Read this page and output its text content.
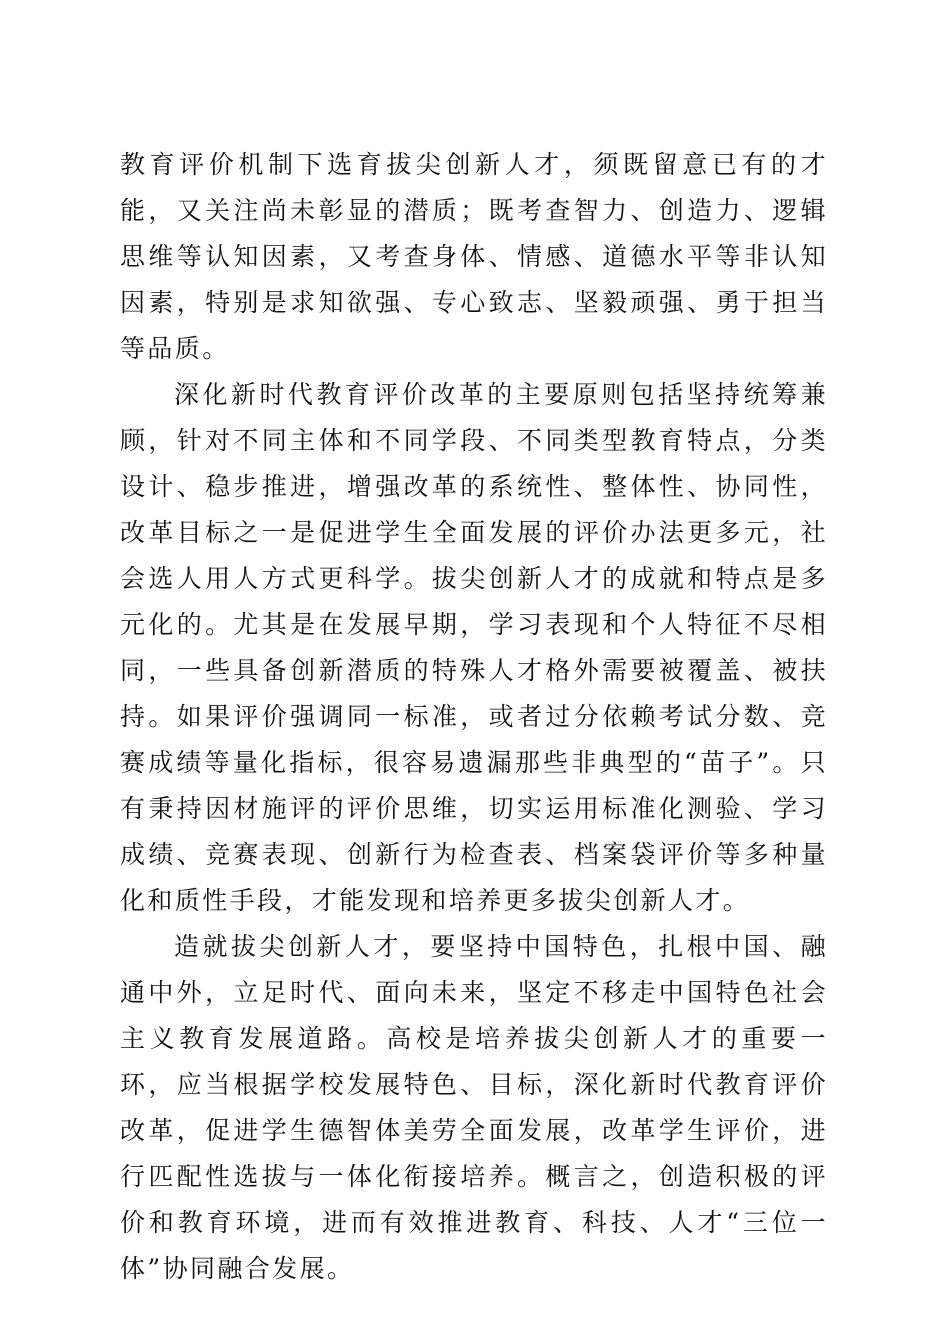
教育评价机制下选育拔尖创新人才，须既留意已有的才能，又关注尚未彰显的潜质；既考查智力、创造力、逻辑思维等认知因素，又考查身体、情感、道德水平等非认知因素，特别是求知欲强、专心致志、坚毅顽强、勇于担当等品质。

深化新时代教育评价改革的主要原则包括坚持统筹兼顾，针对不同主体和不同学段、不同类型教育特点，分类设计、稳步推进，增强改革的系统性、整体性、协同性，改革目标之一是促进学生全面发展的评价办法更多元，社会选人用人方式更科学。拔尖创新人才的成就和特点是多元化的。尤其是在发展早期，学习表现和个人特征不尽相同，一些具备创新潜质的特殊人才格外需要被覆盖、被扶持。如果评价强调同一标准，或者过分依赖考试分数、竞赛成绩等量化指标，很容易遗漏那些非典型的“苗子”。只有秉持因材施评的评价思维，切实运用标准化测验、学习成绩、竞赛表现、创新行为检查表、档案袋评价等多种量化和质性手段，才能发现和培养更多拔尖创新人才。

造就拔尖创新人才，要坚持中国特色，扎根中国、融通中外，立足时代、面向未来，坚定不移走中国特色社会主义教育发展道路。高校是培养拔尖创新人才的重要一环，应当根据学校发展特色、目标，深化新时代教育评价改革，促进学生德智体美劳全面发展，改革学生评价，进行匹配性选拔与一体化衔接培养。概言之，创造积极的评价和教育环境，进而有效推进教育、科技、人才“三位一体”协同融合发展。
